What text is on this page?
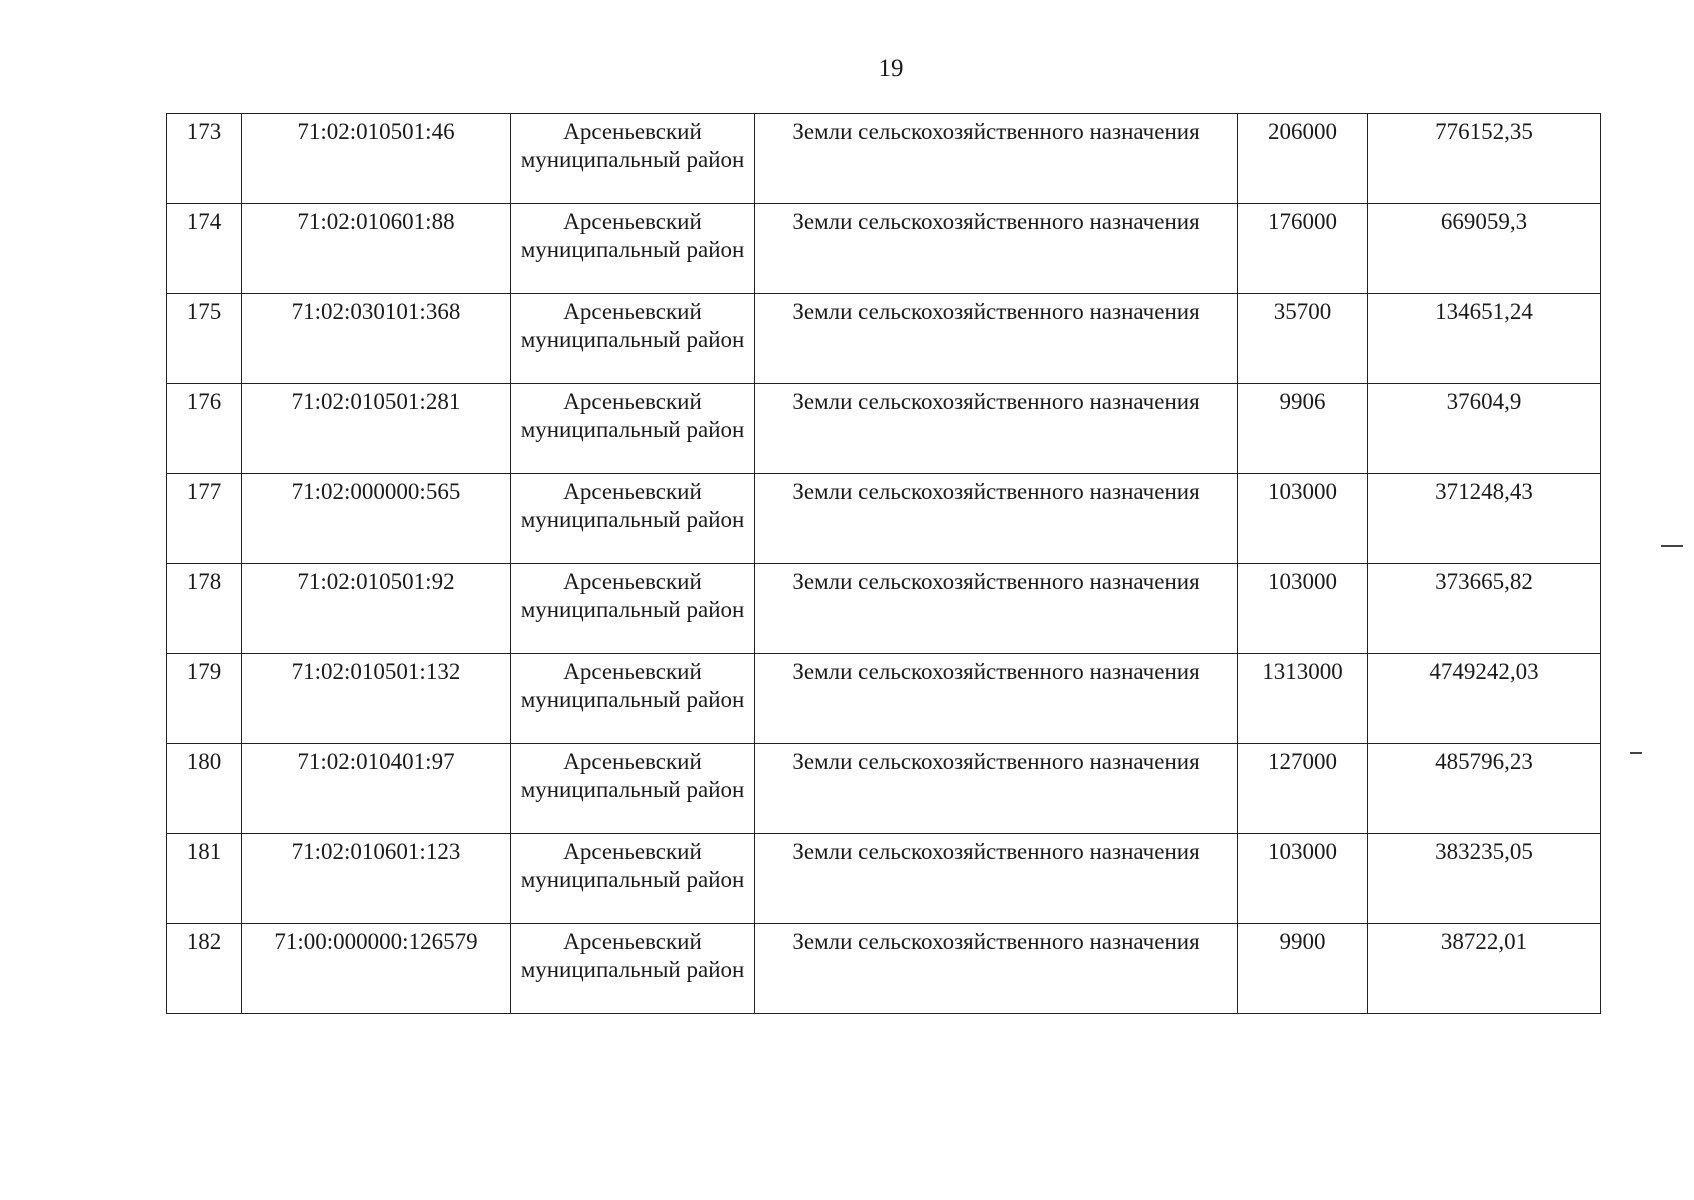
19
173	71:02:010501:46	Арсеньевский муниципальный район	Земли сельскохозяйственного назначения	206000	776152,35
174	71:02:010601:88	Арсеньевский муниципальный район	Земли сельскохозяйственного назначения	176000	669059,3
175	71:02:030101:368	Арсеньевский муниципальный район	Земли сельскохозяйственного назначения	35700	134651,24
176	71:02:010501:281	Арсеньевский муниципальный район	Земли сельскохозяйственного назначения	9906	37604,9
177	71:02:000000:565	Арсеньевский муниципальный район	Земли сельскохозяйственного назначения	103000	371248,43
178	71:02:010501:92	Арсеньевский муниципальный район	Земли сельскохозяйственного назначения	103000	373665,82
179	71:02:010501:132	Арсеньевский муниципальный район	Земли сельскохозяйственного назначения	1313000	4749242,03
180	71:02:010401:97	Арсеньевский муниципальный район	Земли сельскохозяйственного назначения	127000	485796,23
181	71:02:010601:123	Арсеньевский муниципальный район	Земли сельскохозяйственного назначения	103000	383235,05
182	71:00:000000:126579	Арсеньевский муниципальный район	Земли сельскохозяйственного назначения	9900	38722,01
